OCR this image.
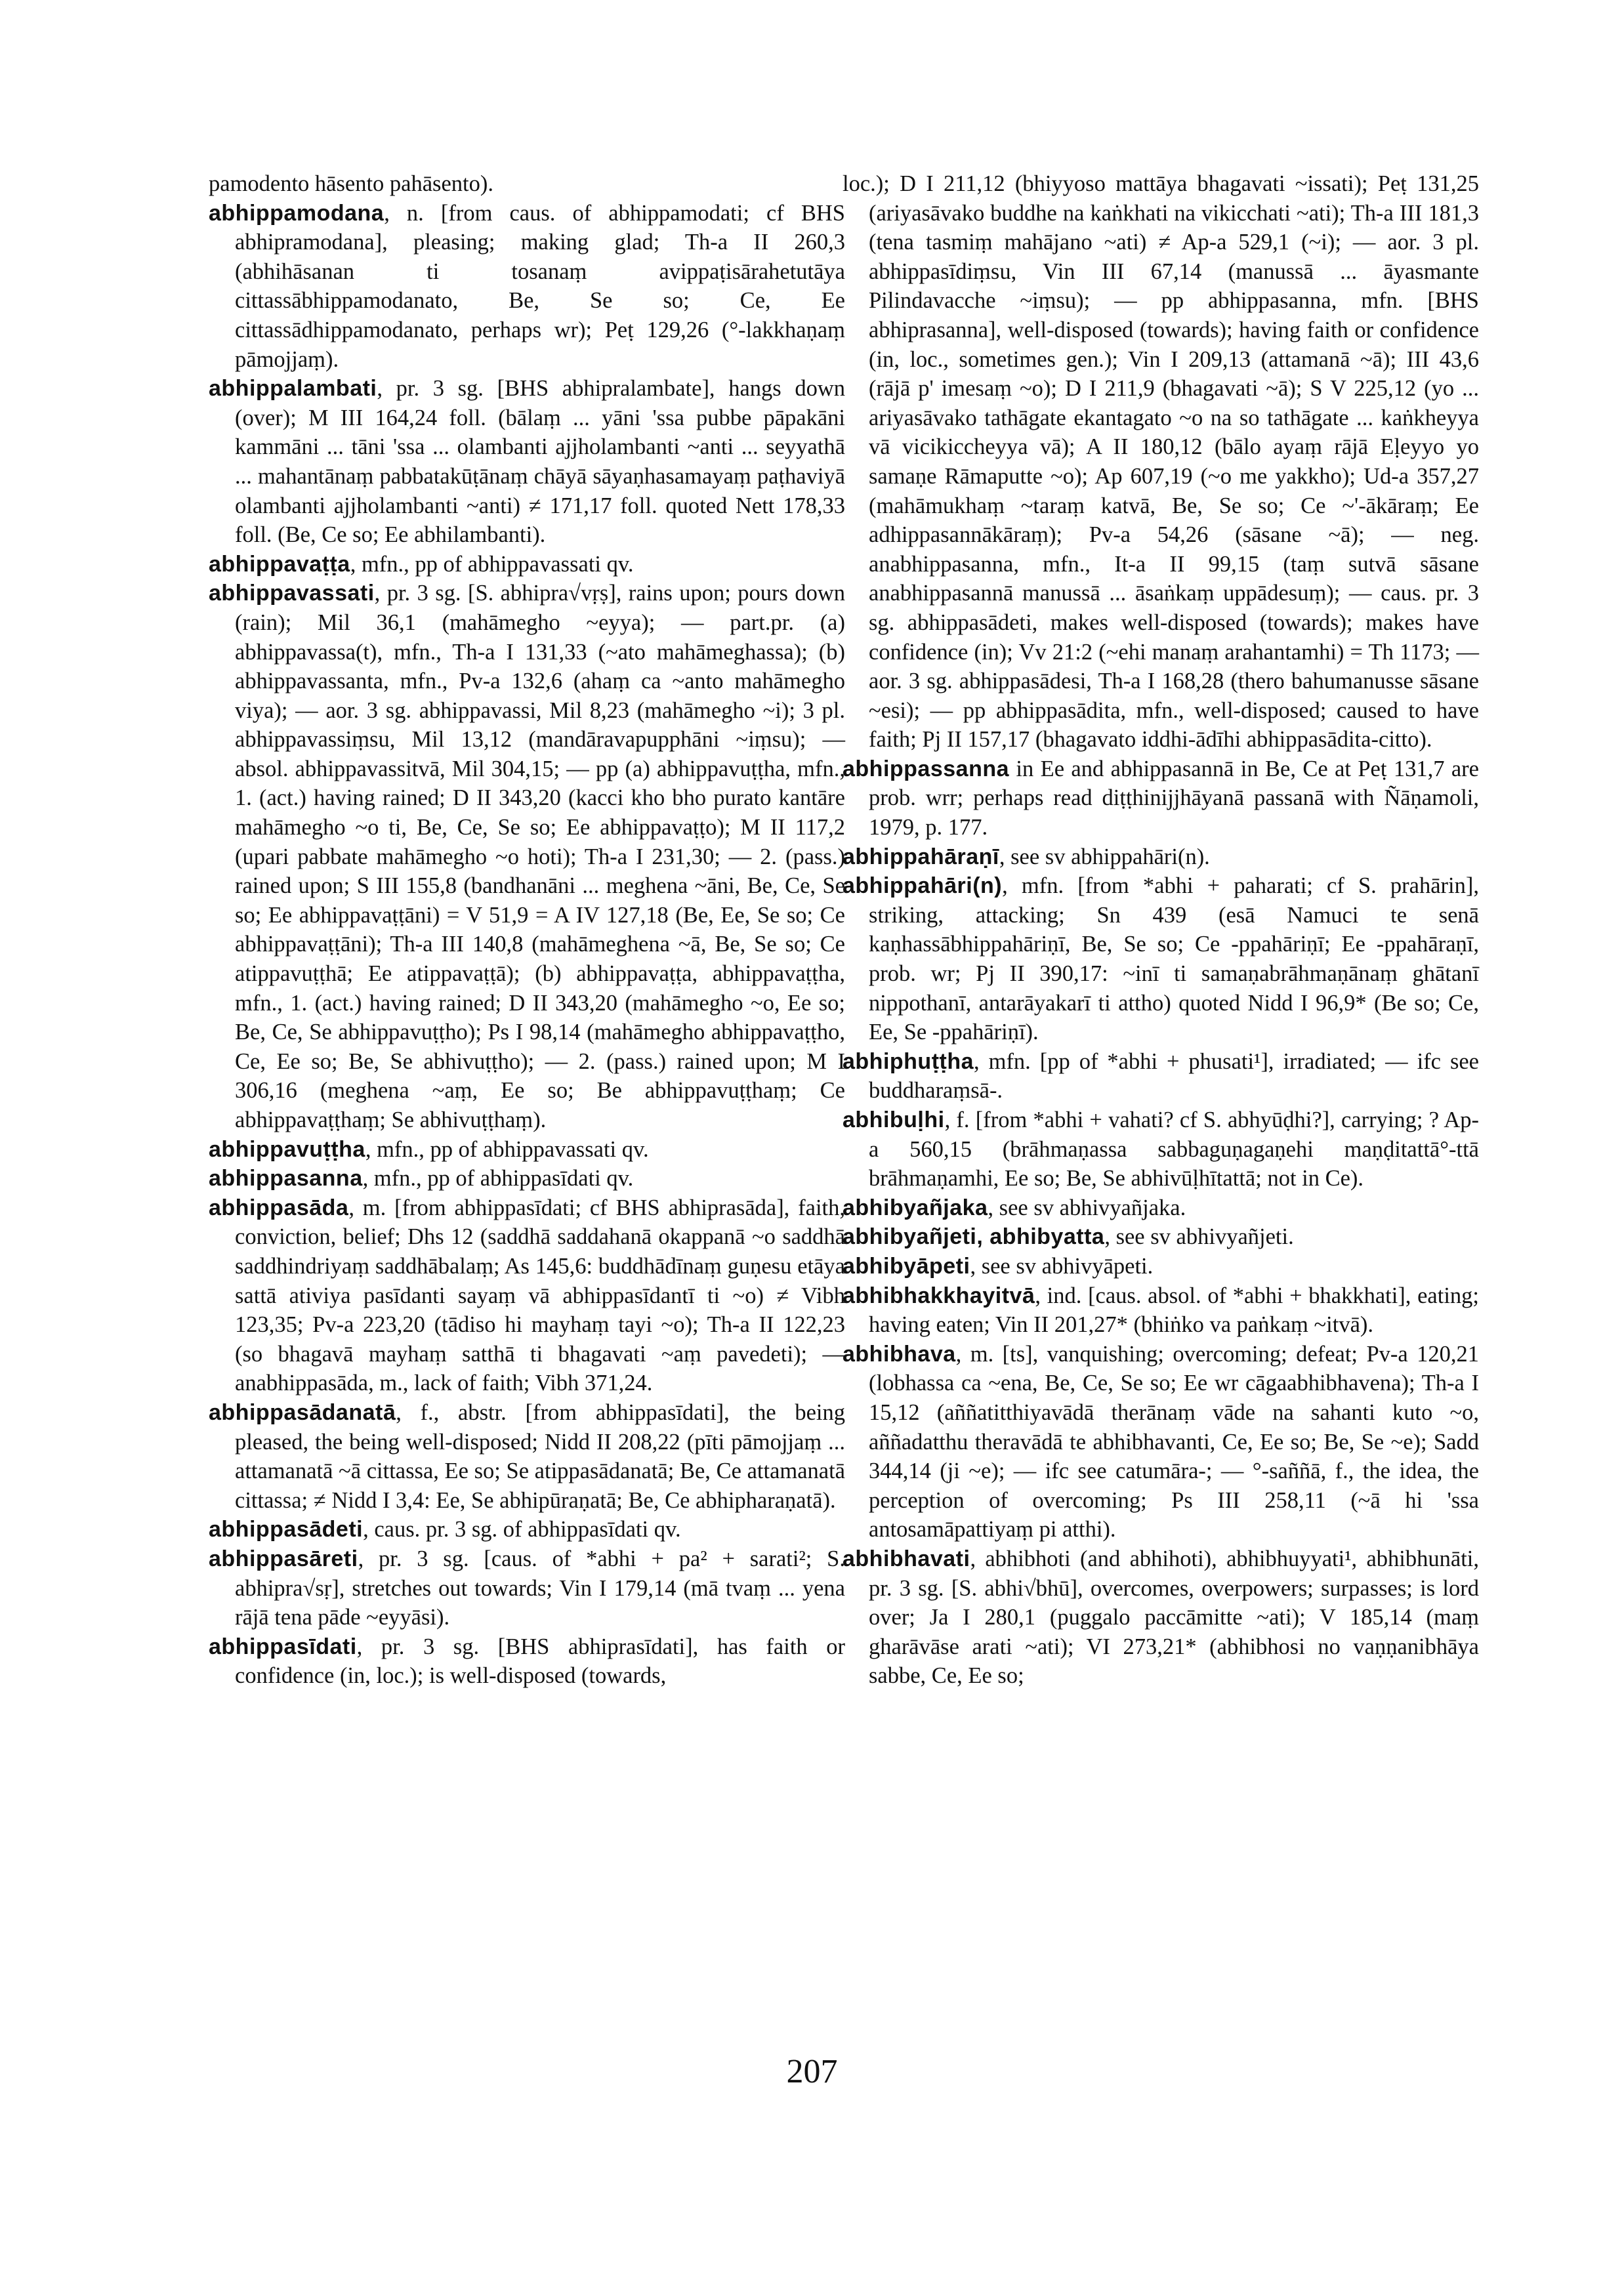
pamodento hāsento pahāsento).

abhippamodana, n. [from caus. of abhippamodati; cf BHS abhipramodana], pleasing; making glad; Th-a II 260,3 (abhihāsanan ti tosanaṃ avippaṭisārahetutāya cittassābhippamodanato, Be, Se so; Ce, Ee cittassādhippamodanato, perhaps wr); Peṭ 129,26 (°-lakkhaṇaṃ pāmojjaṃ).

abhippalambati, pr. 3 sg. [BHS abhipralambate], hangs down (over); M III 164,24 foll. (bālaṃ ... yāni 'ssa pubbe pāpakāni kammāni ... tāni 'ssa ... olambanti ajjholambanti ~anti ... seyyathā ... mahantānaṃ pabbatakūṭānaṃ chāyā sāyaṇhasamayaṃ paṭhaviyā olambanti ajjholambanti ~anti) ≠ 171,17 foll. quoted Nett 178,33 foll. (Be, Ce so; Ee abhilambanti).

abhippavaṭṭa, mfn., pp of abhippavassati qv.

abhippavassati, pr. 3 sg. [S. abhipra√vṛṣ], rains upon; pours down (rain); Mil 36,1 (mahāmegho ~eyya); — part.pr. (a) abhippavassa(t), mfn., Th-a I 131,33 (~ato mahāmeghassa); (b) abhippavassanta, mfn., Pv-a 132,6 (ahaṃ ca ~anto mahāmegho viya); — aor. 3 sg. abhippavassi, Mil 8,23 (mahāmegho ~i); 3 pl. abhippavassiṃsu, Mil 13,12 (mandāravapupphāni ~iṃsu); — absol. abhippavassitvā, Mil 304,15; — pp (a) abhippavuṭṭha, mfn., 1. (act.) having rained; D II 343,20 (kacci kho bho purato kantāre mahāmegho ~o ti, Be, Ce, Se so; Ee abhippavaṭṭo); M II 117,2 (upari pabbate mahāmegho ~o hoti); Th-a I 231,30; — 2. (pass.) rained upon; S III 155,8 (bandhanāni ... meghena ~āni, Be, Ce, Se so; Ee abhippavaṭṭāni) = V 51,9 = A IV 127,18 (Be, Ee, Se so; Ce abhippavaṭṭāni); Th-a III 140,8 (mahāmeghena ~ā, Be, Se so; Ce atippavuṭṭhā; Ee atippavaṭṭā); (b) abhippavaṭṭa, abhippavaṭṭha, mfn., 1. (act.) having rained; D II 343,20 (mahāmegho ~o, Ee so; Be, Ce, Se abhippavuṭṭho); Ps I 98,14 (mahāmegho abhippavaṭṭho, Ce, Ee so; Be, Se abhivuṭṭho); — 2. (pass.) rained upon; M I 306,16 (meghena ~aṃ, Ee so; Be abhippavuṭṭhaṃ; Ce abhippavaṭṭhaṃ; Se abhivuṭṭhaṃ).

abhippavuṭṭha, mfn., pp of abhippavassati qv.

abhippasanna, mfn., pp of abhippasīdati qv.

abhippasāda, m. [from abhippasīdati; cf BHS abhiprasāda], faith, conviction, belief; Dhs 12 (saddhā saddahanā okappanā ~o saddhā saddhindriyaṃ saddhābalaṃ; As 145,6: buddhādīnaṃ guṇesu etāya sattā ativiya pasīdanti sayaṃ vā abhippasīdantī ti ~o) ≠ Vibh 123,35; Pv-a 223,20 (tādiso hi mayhaṃ tayi ~o); Th-a II 122,23 (so bhagavā mayhaṃ satthā ti bhagavati ~aṃ pavedeti); — anabhippasāda, m., lack of faith; Vibh 371,24.

abhippasādanatā, f., abstr. [from abhippasīdati], the being pleased, the being well-disposed; Nidd II 208,22 (pīti pāmojjaṃ ... attamanatā ~ā cittassa, Ee so; Se atippasādanatā; Be, Ce attamanatā cittassa; ≠ Nidd I 3,4: Ee, Se abhipūraṇatā; Be, Ce abhipharaṇatā).

abhippasādeti, caus. pr. 3 sg. of abhippasīdati qv.

abhippasāreti, pr. 3 sg. [caus. of *abhi + pa² + sarati²; S. abhipra√sṛ], stretches out towards; Vin I 179,14 (mā tvaṃ ... yena rājā tena pāde ~eyyāsi).

abhippasīdati, pr. 3 sg. [BHS abhiprasīdati], has faith or confidence (in, loc.); is well-disposed (towards,

loc.); D I 211,12 (bhiyyoso mattāya bhagavati ~issati); Peṭ 131,25 (ariyasāvako buddhe na kaṅkhati na vikicchati ~ati); Th-a III 181,3 (tena tasmiṃ mahājano ~ati) ≠ Ap-a 529,1 (~i); — aor. 3 pl. abhippasīdiṃsu, Vin III 67,14 (manussā ... āyasmante Pilindavacche ~iṃsu); — pp abhippasanna, mfn. [BHS abhiprasanna], well-disposed (towards); having faith or confidence (in, loc., sometimes gen.); Vin I 209,13 (attamanā ~ā); III 43,6 (rājā p' imesaṃ ~o); D I 211,9 (bhagavati ~ā); S V 225,12 (yo ... ariyasāvako tathāgate ekantagato ~o na so tathāgate ... kaṅkheyya vā vicikiccheyya vā); A II 180,12 (bālo ayaṃ rājā Eḷeyyo yo samaṇe Rāmaputte ~o); Ap 607,19 (~o me yakkho); Ud-a 357,27 (mahāmukhaṃ ~taraṃ katvā, Be, Se so; Ce ~'-ākāraṃ; Ee adhippasannākāraṃ); Pv-a 54,26 (sāsane ~ā); — neg. anabhippasanna, mfn., It-a II 99,15 (taṃ sutvā sāsane anabhippasannā manussā ... āsaṅkaṃ uppādesuṃ); — caus. pr. 3 sg. abhippasādeti, makes well-disposed (towards); makes have confidence (in); Vv 21:2 (~ehi manaṃ arahantamhi) = Th 1173; — aor. 3 sg. abhippasādesi, Th-a I 168,28 (thero bahumanusse sāsane ~esi); — pp abhippasādita, mfn., well-disposed; caused to have faith; Pj II 157,17 (bhagavato iddhi-ādīhi abhippasādita-citto).

abhippassanna in Ee and abhippasannā in Be, Ce at Peṭ 131,7 are prob. wrr; perhaps read diṭṭhinijjhāyanā passanā with Ñāṇamoli, 1979, p. 177.

abhippahāraṇī, see sv abhippahāri(n).

abhippahāri(n), mfn. [from *abhi + paharati; cf S. prahārin], striking, attacking; Sn 439 (esā Namuci te senā kaṇhassābhippahāriṇī, Be, Se so; Ce -ppahāriṇī; Ee -ppahāraṇī, prob. wr; Pj II 390,17: ~inī ti samaṇabrāhmaṇānaṃ ghātanī nippothanī, antarāyakarī ti attho) quoted Nidd I 96,9* (Be so; Ce, Ee, Se -ppahāriṇī).

abhiphuṭṭha, mfn. [pp of *abhi + phusati¹], irradiated; — ifc see buddharaṃsā-.

abhibuḷhi, f. [from *abhi + vahati? cf S. abhyūḍhi?], carrying; ? Ap-a 560,15 (brāhmaṇassa sabbaguṇagaṇehi maṇḍitattā°-ttā brāhmaṇamhi, Ee so; Be, Se abhivūḷhītattā; not in Ce).

abhibyañjaka, see sv abhivyañjaka.

abhibyañjeti, abhibyatta, see sv abhivyañjeti.

abhibyāpeti, see sv abhivyāpeti.

abhibhakkhayitvā, ind. [caus. absol. of *abhi + bhakkhati], eating; having eaten; Vin II 201,27* (bhiṅko va paṅkaṃ ~itvā).

abhibhava, m. [ts], vanquishing; overcoming; defeat; Pv-a 120,21 (lobhassa ca ~ena, Be, Ce, Se so; Ee wr cāgaabhibhavena); Th-a I 15,12 (aññatitthiyavādā therānaṃ vāde na sahanti kuto ~o, aññadatthu theravādā te abhibhavanti, Ce, Ee so; Be, Se ~e); Sadd 344,14 (ji ~e); — ifc see catumāra-; — °-saññā, f., the idea, the perception of overcoming; Ps III 258,11 (~ā hi 'ssa antosamāpattiyaṃ pi atthi).

abhibhavati, abhibhoti (and abhihoti), abhibhuyyati¹, abhibhunāti, pr. 3 sg. [S. abhi√bhū], overcomes, overpowers; surpasses; is lord over; Ja I 280,1 (puggalo paccāmitte ~ati); V 185,14 (maṃ gharāvāse arati ~ati); VI 273,21* (abhibhosi no vaṇṇanibhāya sabbe, Ce, Ee so;

207
